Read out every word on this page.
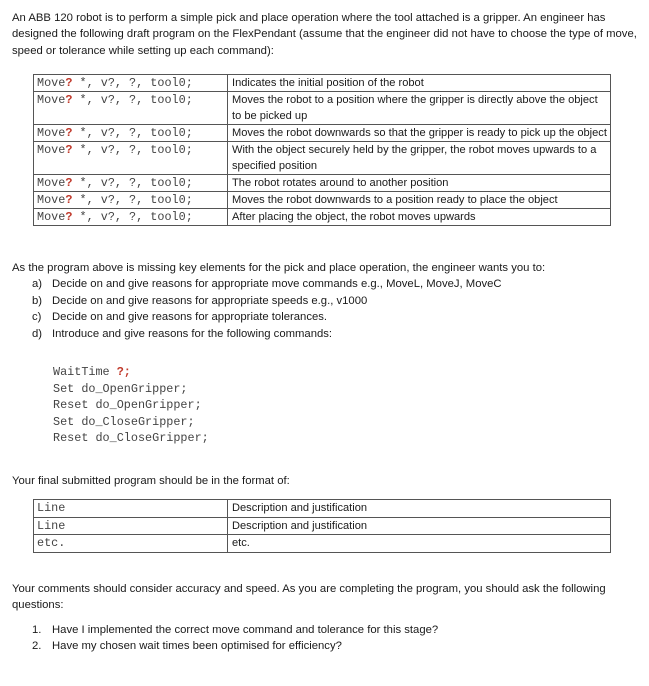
An ABB 120 robot is to perform a simple pick and place operation where the tool attached is a gripper. An engineer has designed the following draft program on the FlexPendant (assume that the engineer did not have to choose the type of move, speed or tolerance while setting up each command):

Move? *, v?, ?, tool0;	Indicates the initial position of the robot
Move? *, v?, ?, tool0;	Moves the robot to a position where the gripper is directly above the object to be picked up
Move? *, v?, ?, tool0;	Moves the robot downwards so that the gripper is ready to pick up the object
Move? *, v?, ?, tool0;	With the object securely held by the gripper, the robot moves upwards to a specified position
Move? *, v?, ?, tool0;	The robot rotates around to another position
Move? *, v?, ?, tool0;	Moves the robot downwards to a position ready to place the object
Move? *, v?, ?, tool0;	After placing the object, the robot moves upwards
As the program above is missing key elements for the pick and place operation, the engineer wants you to:
a) Decide on and give reasons for appropriate move commands e.g., MoveL, MoveJ, MoveC
b) Decide on and give reasons for appropriate speeds e.g., v1000
c) Decide on and give reasons for appropriate tolerances.
d) Introduce and give reasons for the following commands:
WaitTime ?;
Set do_OpenGripper;
Reset do_OpenGripper;
Set do_CloseGripper;
Reset do_CloseGripper;
Your final submitted program should be in the format of:
Line	Description and justification
Line	Description and justification
etc.	etc.
Your comments should consider accuracy and speed. As you are completing the program, you should ask the following questions:
1. Have I implemented the correct move command and tolerance for this stage?
2. Have my chosen wait times been optimised for efficiency?
